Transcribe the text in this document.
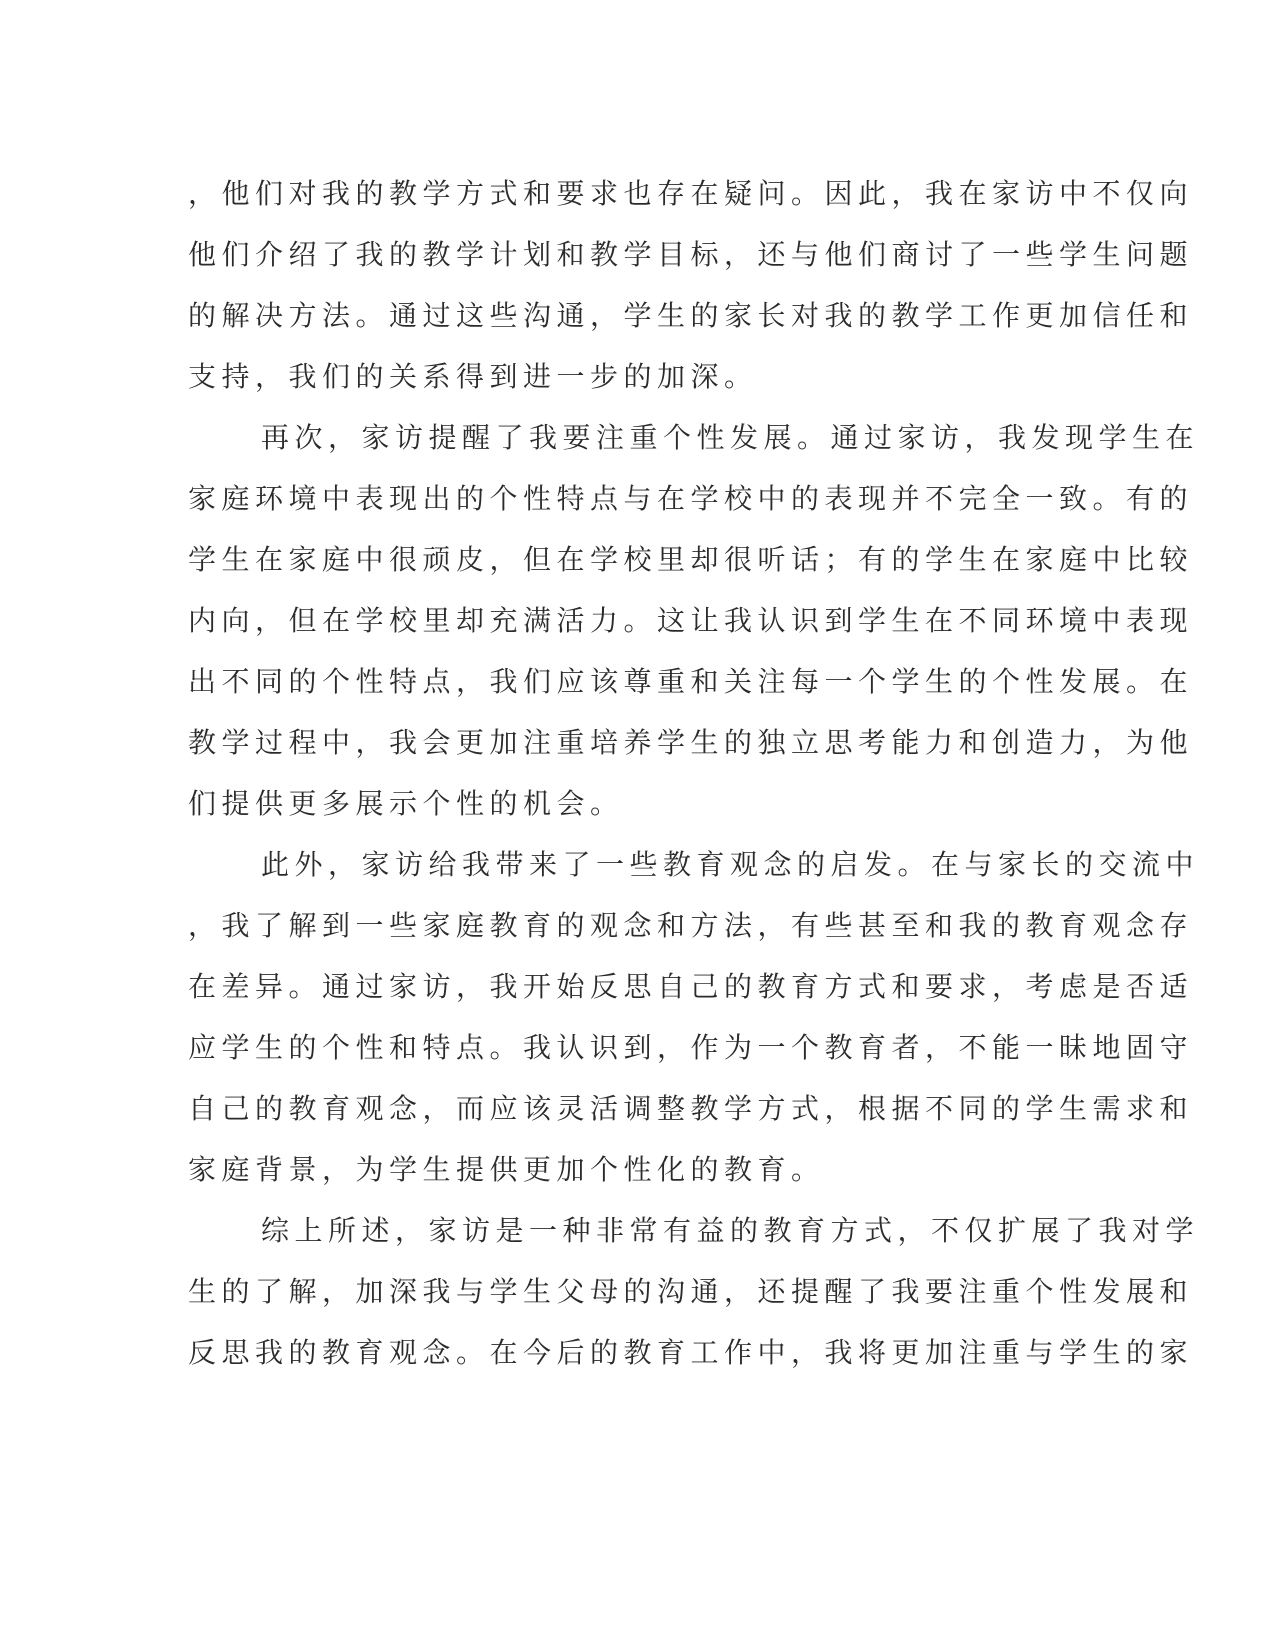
，他们对我的教学方式和要求也存在疑问。因此，我在家访中不仅向
他们介绍了我的教学计划和教学目标，还与他们商讨了一些学生问题
的解决方法。通过这些沟通，学生的家长对我的教学工作更加信任和
支持，我们的关系得到进一步的加深。
再次，家访提醒了我要注重个性发展。通过家访，我发现学生在
家庭环境中表现出的个性特点与在学校中的表现并不完全一致。有的
学生在家庭中很顽皮，但在学校里却很听话；有的学生在家庭中比较
内向，但在学校里却充满活力。这让我认识到学生在不同环境中表现
出不同的个性特点，我们应该尊重和关注每一个学生的个性发展。在
教学过程中，我会更加注重培养学生的独立思考能力和创造力，为他
们提供更多展示个性的机会。
此外，家访给我带来了一些教育观念的启发。在与家长的交流中
，我了解到一些家庭教育的观念和方法，有些甚至和我的教育观念存
在差异。通过家访，我开始反思自己的教育方式和要求，考虑是否适
应学生的个性和特点。我认识到，作为一个教育者，不能一昧地固守
自己的教育观念，而应该灵活调整教学方式，根据不同的学生需求和
家庭背景，为学生提供更加个性化的教育。
综上所述，家访是一种非常有益的教育方式，不仅扩展了我对学
生的了解，加深我与学生父母的沟通，还提醒了我要注重个性发展和
反思我的教育观念。在今后的教育工作中，我将更加注重与学生的家
